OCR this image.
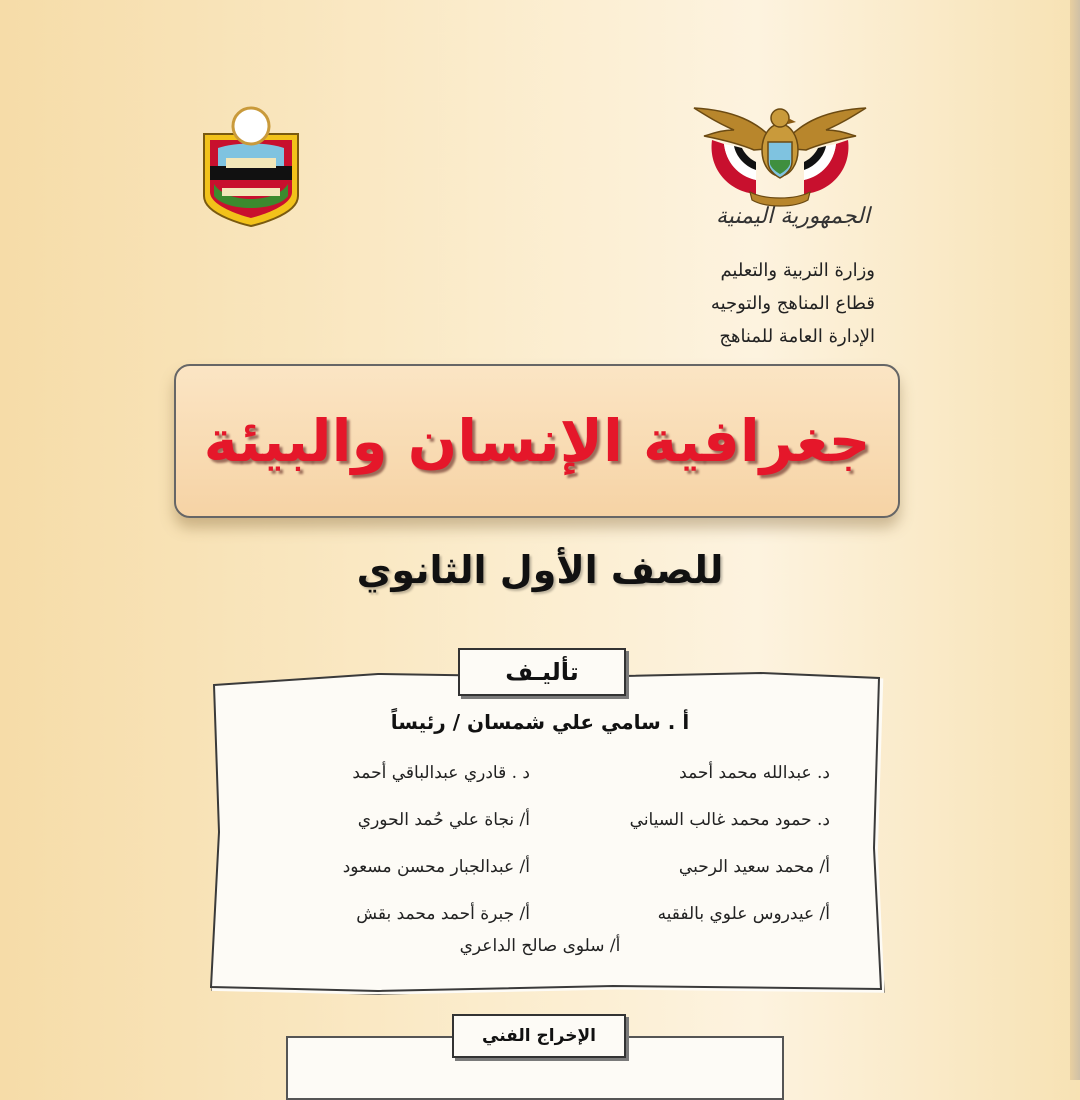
الجمهورية اليمنية
وزارة التربية والتعليم
قطاع المناهج والتوجيه
الإدارة العامة للمناهج
جغرافية الإنسان والبيئة
للصف الأول الثانوي
تأليـف
أ . سامي علي شمسان / رئيساً
د. عبدالله محمد أحمد
د. حمود محمد غالب السياني
أ/ محمد سعيد الرحبي
أ/ عيدروس علوي بالفقيه
د . قادري عبدالباقي أحمد
أ/ نجاة علي حُمد الحوري
أ/ عبدالجبار محسن مسعود
أ/ جبرة أحمد محمد بقش
أ/ سلوى صالح الداعري
الإخراج الفني
